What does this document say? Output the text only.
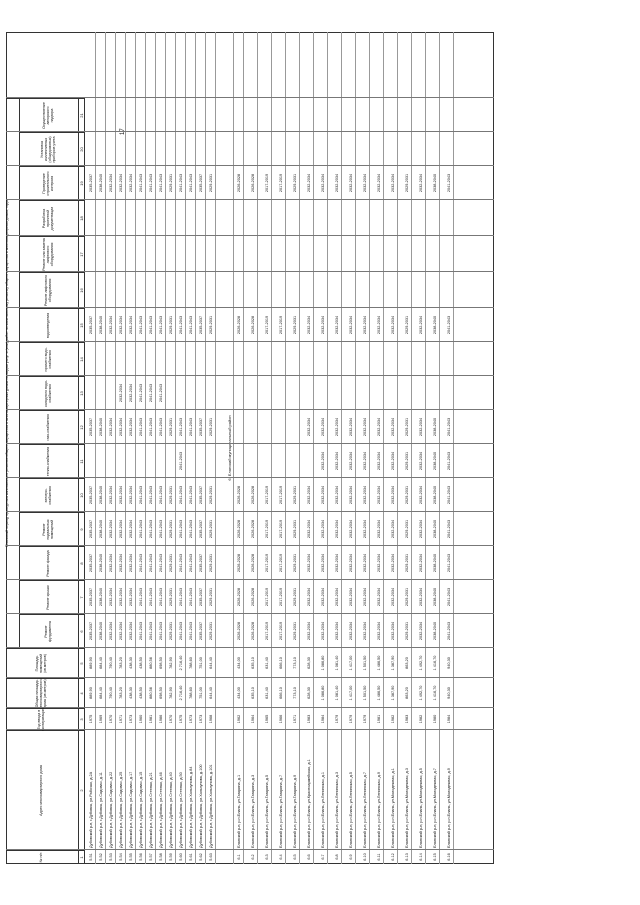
17
№ п/п
Адрес многоквартирного дома
Год ввода в эксплуатацию
Общая площадь многоквартирного дома (кв.метров)
Площадь помещений (кв.метров)
Плановый период проведения капитального ремонта общего имущества в многоквартирных домах по видам услуг и (или) работ по капитальному ремонту общего имущества в многоквартирных домах, годы
Ремонт фундамента
Ремонт крыши
Ремонт фасада
Ремонт подвальных помещений
электро-снабжения
тепло-снабжения
газо-снабжения
холодного водо-снабжения
горячего водо-снабжения
водоотведения
Ремонт лифтового оборудования
Ремонт или замена лифтового оборудования
Разработка проектной документации
Проведение строительного контроля
Установка коллективных (общедомовых) приборов учета
Осуществление авторского надзора
1
2
3
4
5
6
7
8
9
10
11
12
13
14
15
16
17
18
19
20
21
5.51
Дубовский р-н, г.Дубовка, ул.Рабочая, д.2А
1975
889,90
889,90
2035-2037
2035-2037
2035-2037
2035-2037
2035-2037
2035-2037
2035-2037
2035-2037
5.52
Дубовский р-н, г.Дубовка, ул.Садовая, д.11
1969
684,40
684,40
2038-2040
2038-2040
2038-2040
2038-2040
2038-2040
2038-2040
2038-2040
2038-2040
5.53
Дубовский р-н, г.Дубовка, ул.Садовая, д.22
1970
790,40
790,40
2032-2034
2032-2034
2032-2034
2032-2034
2032-2034
2032-2034
2032-2034
2032-2034
5.54
Дубовский р-н, г.Дубовка, ул.Садовая, д.25
1971
783,20
783,20
2032-2034
2032-2034
2032-2034
2032-2034
2032-2034
2032-2034
2032-2034
2032-2034
2032-2034
5.55
Дубовский р-н, г.Дубовка, ул.Садовая, д.17
1973
438,30
438,30
2032-2034
2032-2034
2032-2034
2032-2034
2032-2034
2032-2034
2032-2034
2032-2034
2032-2034
5.56
Дубовский р-н, г.Дубовка, ул.Садовая, д.15
1960
438,50
438,50
2041-2043
2041-2043
2041-2043
2041-2043
2041-2043
2041-2043
2041-2043
2041-2043
2041-2043
5.57
Дубовский р-н, г.Дубовка, ул.Степная, д.21
1981
880,56
880,56
2041-2043
2041-2043
2041-2043
2041-2043
2041-2043
2041-2043
2041-2043
2041-2043
2041-2043
5.58
Дубовский р-н, г.Дубовка, ул.Степная, д.46
1986
698,50
698,50
2041-2043
2041-2043
2041-2043
2041-2043
2041-2043
2041-2043
2041-2043
2041-2043
2041-2043
5.59
Дубовский р-н, г.Дубовка, ул.Степная, д.40
1970
782,90
782,90
2029-2031
2029-2031
2029-2031
2029-2031
2029-2031
2029-2031
2029-2031
2029-2031
5.60
Дубовский р-н, г.Дубовка, ул.Степная, д.50
1975
2 716,40
2 716,40
2041-2043
2041-2043
2041-2043
2041-2043
2041-2043
2041-2043
2041-2043
2041-2043
2041-2043
5.61
Дубовский р-н, г.Дубовка, ул.Хользунова, д.84
1973
788,60
788,60
2041-2043
2041-2043
2041-2043
2041-2043
2041-2043
2041-2043
2041-2043
2041-2043
5.62
Дубовский р-н, г.Дубовка, ул.Хользунова, д.100
1973
751,00
751,00
2035-2037
2035-2037
2035-2037
2035-2037
2035-2037
2035-2037
2035-2037
2035-2037
5.63
Дубовский р-н, г.Дубовка, ул.Хользунова, д.101
1968
644,40
644,40
2029-2031
2029-2031
2029-2031
2029-2031
2029-2031
2029-2031
2029-2031
2029-2031
6. Еланский муниципальный район
6.1
Еланский р-н, р.п.Елань, ул.Гагарина, д.1
1962
434,00
434,00
2026-2028
2026-2028
2026-2028
2026-2028
2026-2028
2026-2028
2026-2028
6.2
Еланский р-н, р.п.Елань, ул.Гагарина, д.3
1964
635,10
635,10
2026-2028
2026-2028
2026-2028
2026-2028
2026-2028
2026-2028
2026-2028
6.3
Еланский р-н, р.п.Елань, ул.Гагарина, д.5
1965
631,40
631,40
2017-2019
2017-2019
2017-2019
2017-2019
2017-2019
2017-2019
2017-2019
6.4
Еланский р-н, р.п.Елань, ул.Гагарина, д.7
1966
666,10
666,10
2017-2019
2017-2019
2017-2019
2017-2019
2017-2019
2017-2019
2017-2019
6.5
Еланский р-н, р.п.Елань, ул.Гагарина, д.9
1971
773,10
773,10
2029-2031
2029-2031
2029-2031
2029-2031
2029-2031
2029-2031
2029-2031
6.6
Еланский р-н, р.п.Елань, ул.Красноармейская, д.1
1983
628,30
628,30
2032-2034
2032-2034
2032-2034
2032-2034
2032-2034
2032-2034
2032-2034
2032-2034
6.7
Еланский р-н, р.п.Елань, ул.Ленинская, д.1
1984
1 086,80
1 086,80
2032-2034
2032-2034
2032-2034
2032-2034
2032-2034
2032-2034
2032-2034
2032-2034
2032-2034
6.8
Еланский р-н, р.п.Елань, ул.Ленинская, д.3
1979
1 081,40
1 081,40
2032-2034
2032-2034
2032-2034
2032-2034
2032-2034
2032-2034
2032-2034
2032-2034
2032-2034
6.9
Еланский р-н, р.п.Елань, ул.Ленинская, д.5
1979
1 417,00
1 417,00
2032-2034
2032-2034
2032-2034
2032-2034
2032-2034
2032-2034
2032-2034
2032-2034
2032-2034
6.10
Еланский р-н, р.п.Елань, ул.Ленинская, д.7
1979
1 501,50
1 501,50
2032-2034
2032-2034
2032-2034
2032-2034
2032-2034
2032-2034
2032-2034
2032-2034
2032-2034
6.11
Еланский р-н, р.п.Елань, ул.Ленинская, д.9
1981
1 486,50
1 486,50
2032-2034
2032-2034
2032-2034
2032-2034
2032-2034
2032-2034
2032-2034
2032-2034
2032-2034
6.12
Еланский р-н, р.п.Елань, ул.Молодежная, д.1
1982
1 387,90
1 387,90
2032-2034
2032-2034
2032-2034
2032-2034
2032-2034
2032-2034
2032-2034
2032-2034
2032-2034
6.13
Еланский р-н, р.п.Елань, ул.Молодежная, д.3
1983
863,20
863,20
2029-2031
2029-2031
2029-2031
2029-2031
2029-2031
2029-2031
2029-2031
2029-2031
2029-2031
6.14
Еланский р-н, р.п.Елань, ул.Молодежная, д.5
1982
1 492,70
1 492,70
2032-2034
2032-2034
2032-2034
2032-2034
2032-2034
2032-2034
2032-2034
2032-2034
2032-2034
6.15
Еланский р-н, р.п.Елань, ул.Молодежная, д.7
1980
1 416,70
1 416,70
2038-2040
2038-2040
2038-2040
2038-2040
2038-2040
2038-2040
2038-2040
2038-2040
2038-2040
6.16
Еланский р-н, р.п.Елань, ул.Молодежная, д.9
1984
940,30
940,30
2041-2043
2041-2043
2041-2043
2041-2043
2041-2043
2041-2043
2041-2043
2041-2043
2041-2043
